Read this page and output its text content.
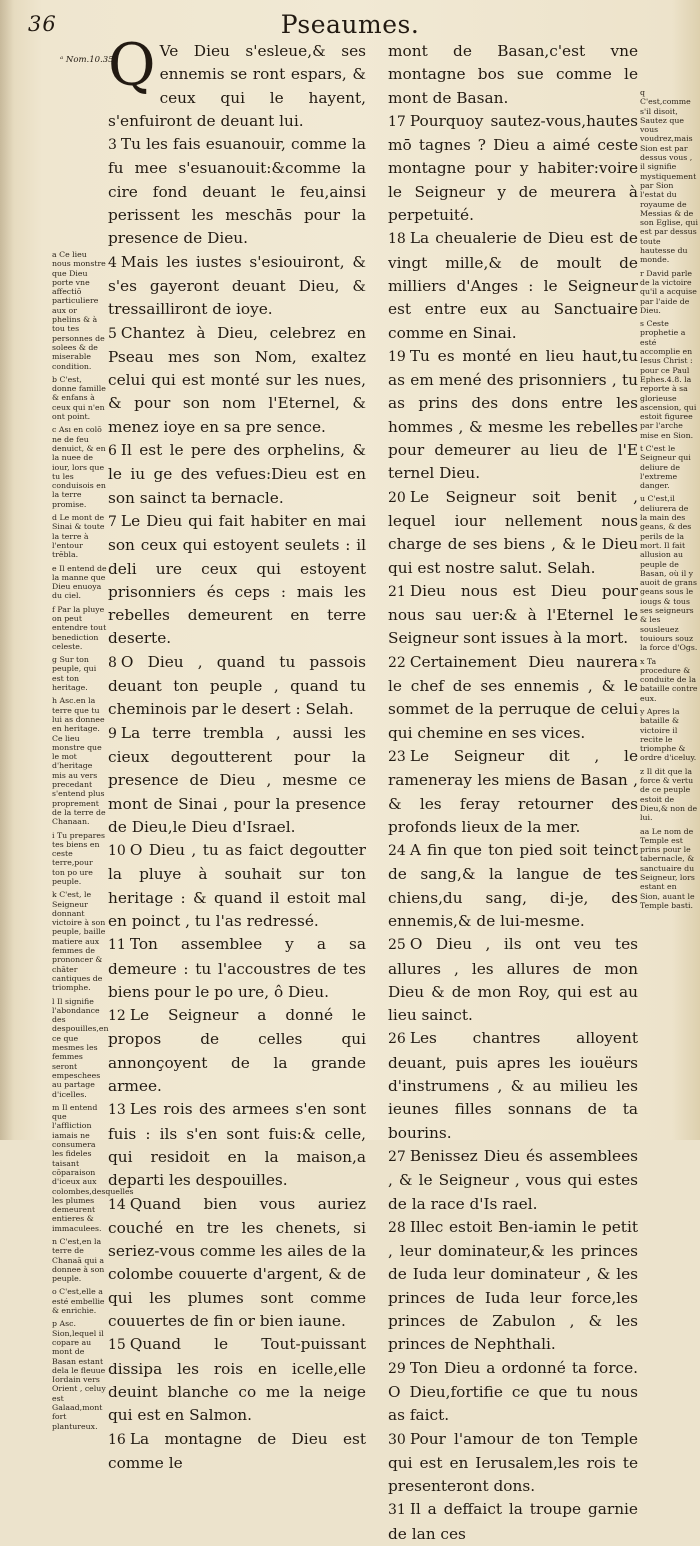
36	Pseaumes.
ᵃ Nom.10.35.
Q Ve Dieu s'esleue,& ses ennemis se ront espars, & ceux qui le hayent, s'enfuiront de deuant lui.
3 Tu les fais esuanouir, comme la fu mee s'esuanouit:&comme la cire fond deuant le feu,ainsi perissent les meschās pour la presence de Dieu.
4 Mais les iustes s'esiouiront, & s'es gayeront deuant Dieu, & tressailliront de ioye.
5 Chantez à Dieu, celebrez en Pseau mes son Nom, exaltez celui qui est monté sur les nues, & pour son nom l'Eternel, & menez ioye en sa pre sence.
6 Il est le pere des orphelins, & le iu ge des vefues:Dieu est en son sainct ta bernacle.
7 Le Dieu qui fait habiter en mai son ceux qui estoyent seulets : il deli ure ceux qui estoyent prisonniers és ceps : mais les rebelles demeurent en terre deserte.
8 O Dieu , quand tu passois deuant ton peuple , quand tu cheminois par le desert : Selah.
9 La terre trembla , aussi les cieux degoutterent pour la presence de Dieu , mesme ce mont de Sinai , pour la presence de Dieu,le Dieu d'Israel.
10 O Dieu , tu as faict degoutter la pluye à souhait sur ton heritage : & quand il estoit mal en poinct , tu l'as redressé.
11 Ton assemblee y a sa demeure : tu l'accoustres de tes biens pour le po ure, ô Dieu.
12 Le Seigneur a donné le propos de celles qui annonçoyent de la grande armee.
13 Les rois des armees s'en sont fuis : ils s'en sont fuis:& celle, qui residoit en la maison,a departi les despouilles.
14 Quand bien vous auriez couché en tre les chenets, si seriez-vous comme les ailes de la colombe couuerte d'argent, & de qui les plumes sont comme couuertes de fin or bien iaune.
15 Quand le Tout-puissant dissipa les rois en icelle,elle deuint blanche co me la neige qui est en Salmon.
16 La montagne de Dieu est comme le
mont de Basan,c'est vne montagne bos sue comme le mont de Basan.
17 Pourquoy sautez-vous,hautes mō tagnes ? Dieu a aimé ceste montagne pour y habiter:voire le Seigneur y de meurera à perpetuité.
18 La cheualerie de Dieu est de vingt mille,& de moult de milliers d'Anges : le Seigneur est entre eux au Sanctuaire comme en Sinai.
19 Tu es monté en lieu haut,tu as em mené des prisonniers , tu as prins des dons entre les hommes , & mesme les rebelles pour demeurer au lieu de l'E ternel Dieu.
20 Le Seigneur soit benit , lequel iour nellement nous charge de ses biens , & le Dieu qui est nostre salut. Selah.
21 Dieu nous est Dieu pour nous sau uer:& à l'Eternel le Seigneur sont issues à la mort.
22 Certainement Dieu naurera le chef de ses ennemis , & le sommet de la perruque de celui qui chemine en ses vices.
23 Le Seigneur dit , le rameneray les miens de Basan , & les feray retourner des profonds lieux de la mer.
24 A fin que ton pied soit teinct de sang,& la langue de tes chiens,du sang, di-je, des ennemis,& de lui-mesme.
25 O Dieu , ils ont veu tes allures , les allures de mon Dieu & de mon Roy, qui est au lieu sainct.
26 Les chantres alloyent deuant, puis apres les iouëurs d'instrumens , & au milieu les ieunes filles sonnans de ta bourins.
27 Benissez Dieu és assemblees , & le Seigneur , vous qui estes de la race d'Is rael.
28 Illec estoit Ben-iamin le petit , leur dominateur,& les princes de Iuda leur dominateur , & les princes de Iuda leur force,les princes de Zabulon , & les princes de Nephthali.
29 Ton Dieu a ordonné ta force. O Dieu,fortifie ce que tu nous as faict.
30 Pour l'amour de ton Temple qui est en Ierusalem,les rois te presenteront dons.
31 Il a deffaict la troupe garnie de lan ces
a Ce lieu nous monstre que Dieu porte vne affectiō particuliere aux or phelins & à tou tes personnes de solees & de miserable condition.
b C'est, donne famille & enfans à ceux qui n'en ont point.
c Ası en colō ne de feu denuict, & en la nuee de iour, lors que tu les conduisois en la terre promise.
d Le mont de Sinai & toute la terre à l'entour trēbla.
e Il entend de la manne que Dieu enuoya du ciel.
f Par la pluye on peut entendre tout benediction celeste.
g Sur ton peuple, qui est ton heritage.
h Asc.en la terre que tu lui as donnee en heritage. Ce lieu monstre que le mot d'heritage mis au vers precedant s'entend plus proprement de la terre de Chanaan.
i Tu prepares tes biens en ceste terre,pour ton po ure peuple.
k C'est, le Seigneur donnant victoire à son peuple, baille matiere aux femmes de prononcer & chāter cantiques de triomphe.
l Il signifie l'abondance des despouilles,en ce que mesmes les femmes seront empeschees au partage d'icelles.
m Il entend que l'affliction iamais ne consumera les fideles taisant cōparaison d'iceux aux colombes,desquelles les plumes demeurent entieres & immaculees.
n C'est,en la terre de Chanaā qui a donnee à son peuple.
o C'est,elle a esté embellie & enrichie.
p Asc. Sion,lequel il copare au mont de Basan estant dela le fleuue Iordain vers Orient , celuy est Galaad,mont fort plantureux.
q C'est,comme s'il disoit, Sautez que vous voudrez,mais Sion est par dessus vous , il signifie mystiquement par Sion l'estat du royaume de Messias & de son Eglise, qui est par dessus toute hautesse du monde.
r David parle de la victoire qu'il a acquise par l'aide de Dieu.
s Ceste prophetie a esté accomplie en Iesus Christ : pour ce Paul Ephes.4.8. la reporte à sa glorieuse ascension, qui estoit figuree par l'arche mise en Sion.
t C'est le Seigneur qui deliure de l'extreme danger.
u C'est,il deliurera de la main des geans, & des perils de la mort. Il fait allusion au peuple de Basan, où il y auoit de grans geans sous le iougs & tous ses seigneurs & les sousleuez touiours souz la force d'Ogs.
x Ta procedure & conduite de la bataille contre eux.
y Apres la bataille & victoire il recite le triomphe & ordre d'iceluy.
z Il dit que la force & vertu de ce peuple estoit de Dieu,& non de lui.
aa Le nom de Temple est prins pour le tabernacle, & sanctuaire du Seigneur, lors estant en Sion, auant le Temple basti.
